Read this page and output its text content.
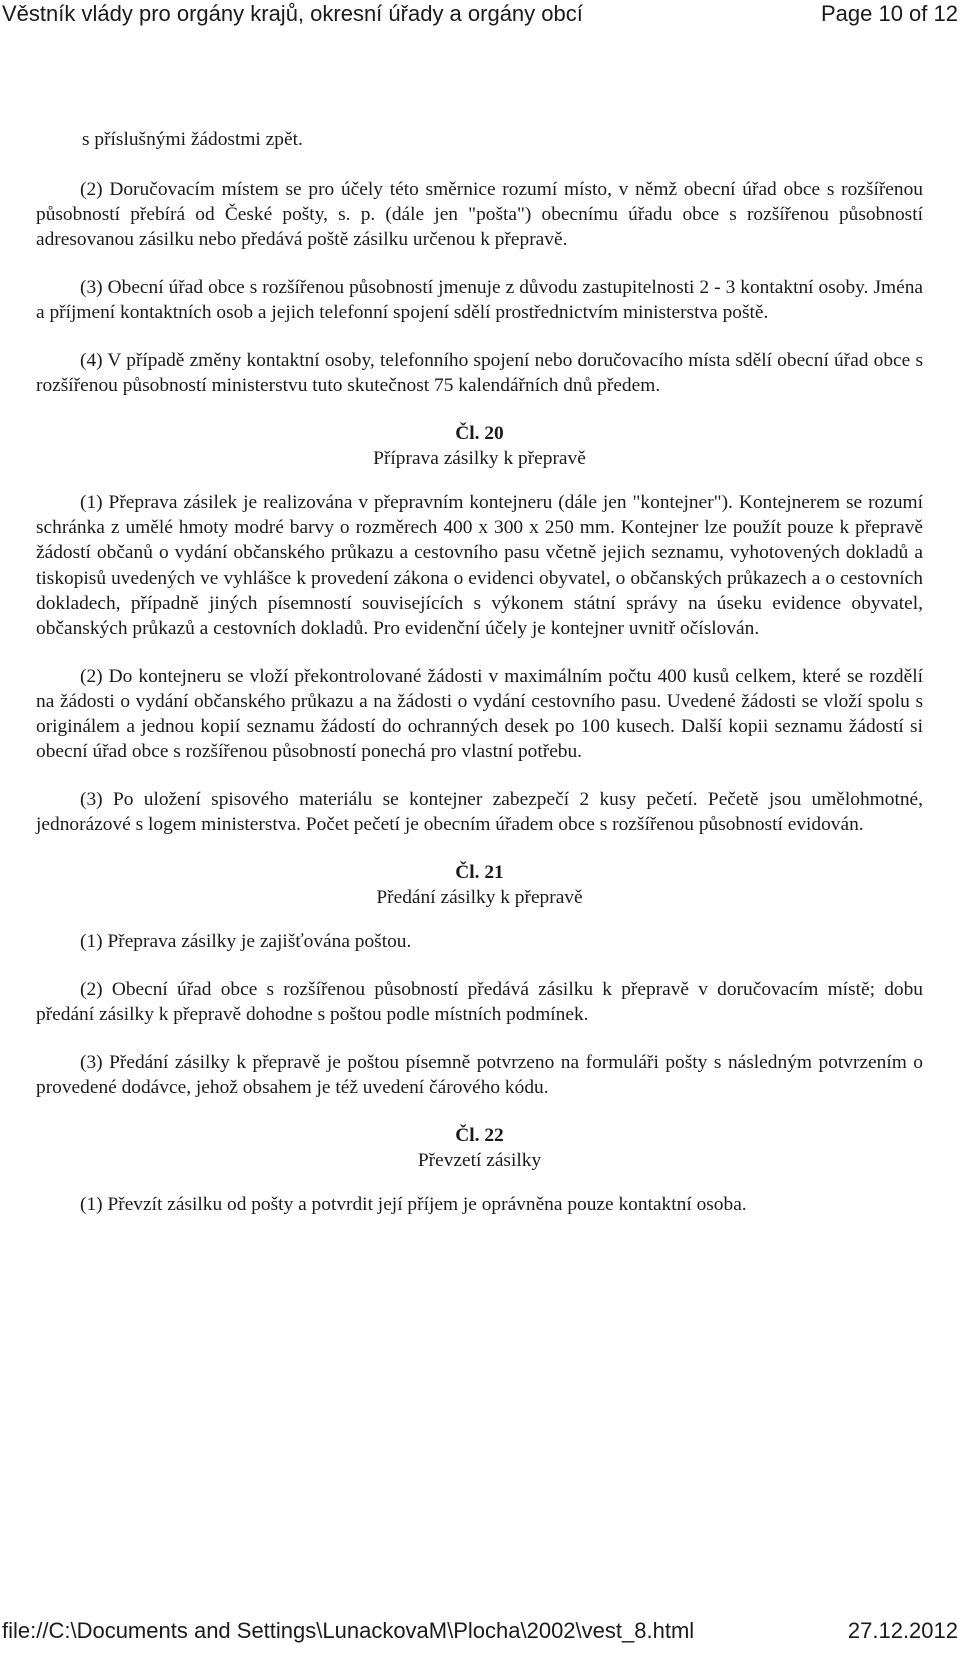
Věstník vlády pro orgány krajů, okresní úřady a orgány obcí	Page 10 of 12

s příslušnými žádostmi zpět.

(2) Doručovacím místem se pro účely této směrnice rozumí místo, v němž obecní úřad obce s rozšířenou působností přebírá od České pošty, s. p. (dále jen "pošta") obecnímu úřadu obce s rozšířenou působností adresovanou zásilku nebo předává poště zásilku určenou k přepravě.

(3) Obecní úřad obce s rozšířenou působností jmenuje z důvodu zastupitelnosti 2 - 3 kontaktní osoby. Jména a příjmení kontaktních osob a jejich telefonní spojení sdělí prostřednictvím ministerstva poště.

(4) V případě změny kontaktní osoby, telefonního spojení nebo doručovacího místa sdělí obecní úřad obce s rozšířenou působností ministerstvu tuto skutečnost 75 kalendářních dnů předem.

Čl. 20
Příprava zásilky k přepravě

(1) Přeprava zásilek je realizována v přepravním kontejneru (dále jen "kontejner"). Kontejnerem se rozumí schránka z umělé hmoty modré barvy o rozměrech 400 x 300 x 250 mm. Kontejner lze použít pouze k přepravě žádostí občanů o vydání občanského průkazu a cestovního pasu včetně jejich seznamu, vyhotovených dokladů a tiskopisů uvedených ve vyhlášce k provedení zákona o evidenci obyvatel, o občanských průkazech a o cestovních dokladech, případně jiných písemností souvisejících s výkonem státní správy na úseku evidence obyvatel, občanských průkazů a cestovních dokladů. Pro evidenční účely je kontejner uvnitř očíslován.

(2) Do kontejneru se vloží překontrolované žádosti v maximálním počtu 400 kusů celkem, které se rozdělí na žádosti o vydání občanského průkazu a na žádosti o vydání cestovního pasu. Uvedené žádosti se vloží spolu s originálem a jednou kopií seznamu žádostí do ochranných desek po 100 kusech. Další kopii seznamu žádostí si obecní úřad obce s rozšířenou působností ponechá pro vlastní potřebu.

(3) Po uložení spisového materiálu se kontejner zabezpečí 2 kusy pečetí. Pečetě jsou umělohmotné, jednorázové s logem ministerstva. Počet pečetí je obecním úřadem obce s rozšířenou působností evidován.

Čl. 21
Předání zásilky k přepravě

(1) Přeprava zásilky je zajišťována poštou.

(2) Obecní úřad obce s rozšířenou působností předává zásilku k přepravě v doručovacím místě; dobu předání zásilky k přepravě dohodne s poštou podle místních podmínek.

(3) Předání zásilky k přepravě je poštou písemně potvrzeno na formuláři pošty s následným potvrzením o provedené dodávce, jehož obsahem je též uvedení čárového kódu.

Čl. 22
Převzetí zásilky

(1) Převzít zásilku od pošty a potvrdit její příjem je oprávněna pouze kontaktní osoba.

file://C:\Documents and Settings\LunackovaM\Plocha\2002\vest_8.html	27.12.2012
